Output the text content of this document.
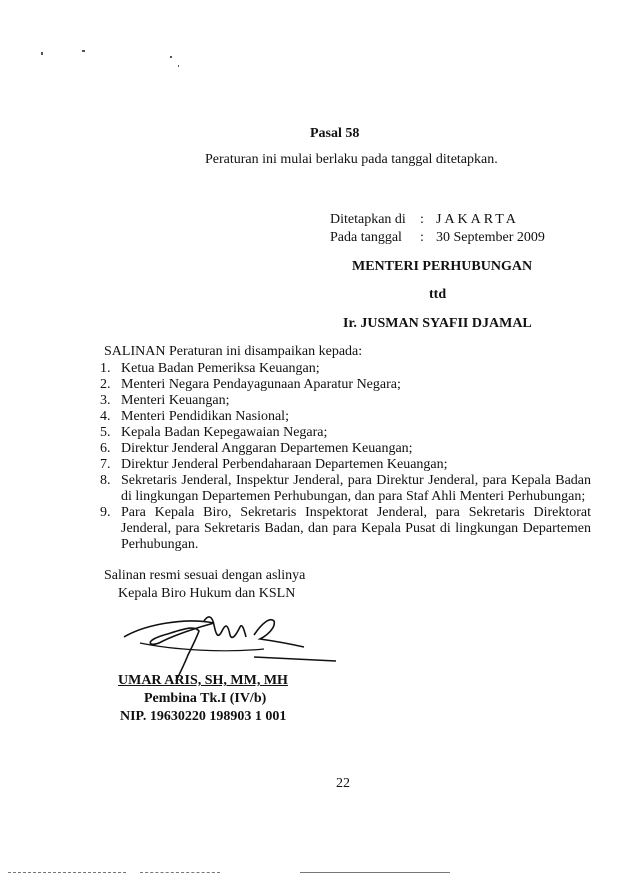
Pasal 58
Peraturan ini mulai berlaku pada tanggal ditetapkan.
Ditetapkan di	:	JAKARTA
Pada tanggal	:	30 September 2009
MENTERI PERHUBUNGAN
ttd
Ir. JUSMAN SYAFII DJAMAL
SALINAN Peraturan ini disampaikan kepada:
1. Ketua Badan Pemeriksa Keuangan;
2. Menteri Negara Pendayagunaan Aparatur Negara;
3. Menteri Keuangan;
4. Menteri Pendidikan Nasional;
5. Kepala Badan Kepegawaian Negara;
6. Direktur Jenderal Anggaran Departemen Keuangan;
7. Direktur Jenderal Perbendaharaan Departemen Keuangan;
8. Sekretaris Jenderal, Inspektur Jenderal, para Direktur Jenderal, para Kepala Badan di lingkungan Departemen Perhubungan, dan para Staf Ahli Menteri Perhubungan;
9. Para Kepala Biro, Sekretaris Inspektorat Jenderal, para Sekretaris Direktorat Jenderal, para Sekretaris Badan, dan para Kepala Pusat di lingkungan Departemen Perhubungan.
Salinan resmi sesuai dengan aslinya
Kepala Biro Hukum dan KSLN
UMAR ARIS, SH, MM, MH
Pembina Tk.I (IV/b)
NIP. 19630220 198903 1 001
22
